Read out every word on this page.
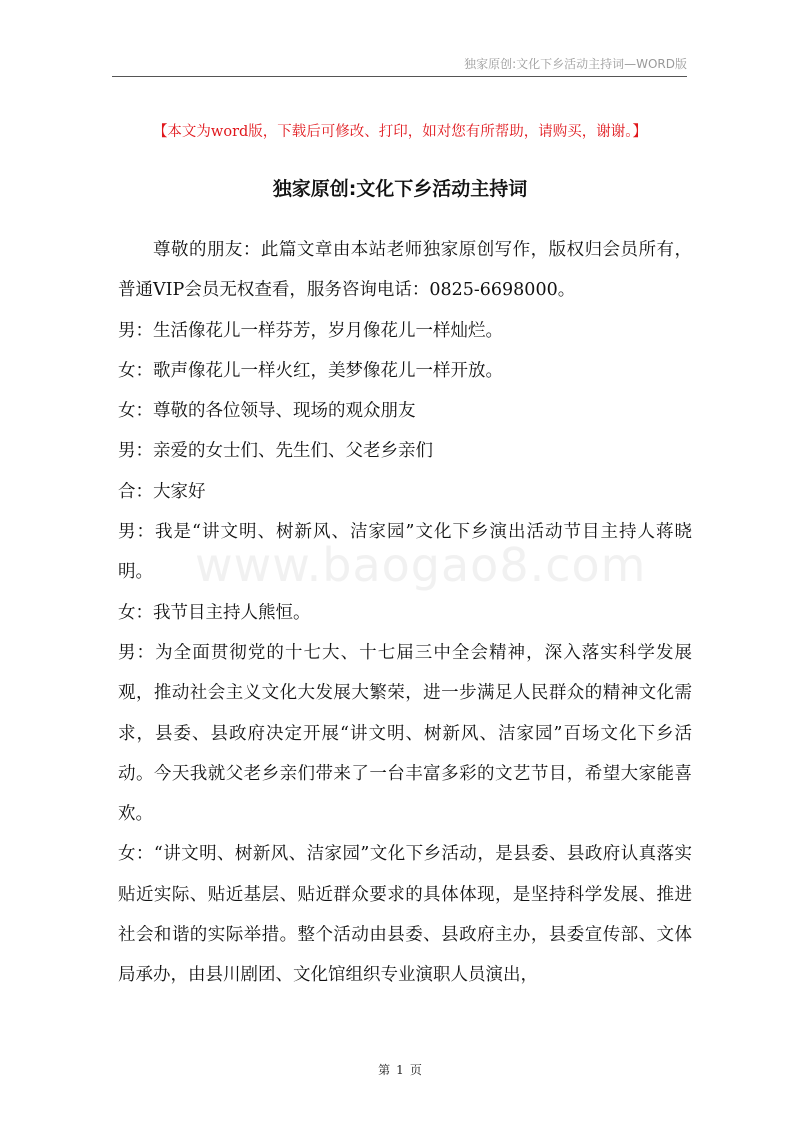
独家原创:文化下乡活动主持词—WORD版
【本文为word版，下载后可修改、打印，如对您有所帮助，请购买，谢谢。】
独家原创:文化下乡活动主持词
www.baogao8.com

尊敬的朋友：此篇文章由本站老师独家原创写作，版权归会员所有，普通VIP会员无权查看，服务咨询电话：0825-6698000。

男：生活像花儿一样芬芳，岁月像花儿一样灿烂。

女：歌声像花儿一样火红，美梦像花儿一样开放。

女：尊敬的各位领导、现场的观众朋友

男：亲爱的女士们、先生们、父老乡亲们

合：大家好

男：我是“讲文明、树新风、洁家园”文化下乡演出活动节目主持人蒋晓明。

女：我节目主持人熊恒。

男：为全面贯彻党的十七大、十七届三中全会精神，深入落实科学发展观，推动社会主义文化大发展大繁荣，进一步满足人民群众的精神文化需求，县委、县政府决定开展“讲文明、树新风、洁家园”百场文化下乡活动。今天我就父老乡亲们带来了一台丰富多彩的文艺节目，希望大家能喜欢。

女：“讲文明、树新风、洁家园”文化下乡活动，是县委、县政府认真落实贴近实际、贴近基层、贴近群众要求的具体体现，是坚持科学发展、推进社会和谐的实际举措。整个活动由县委、县政府主办，县委宣传部、文体局承办，由县川剧团、文化馆组织专业演职人员演出，

第 1 页
